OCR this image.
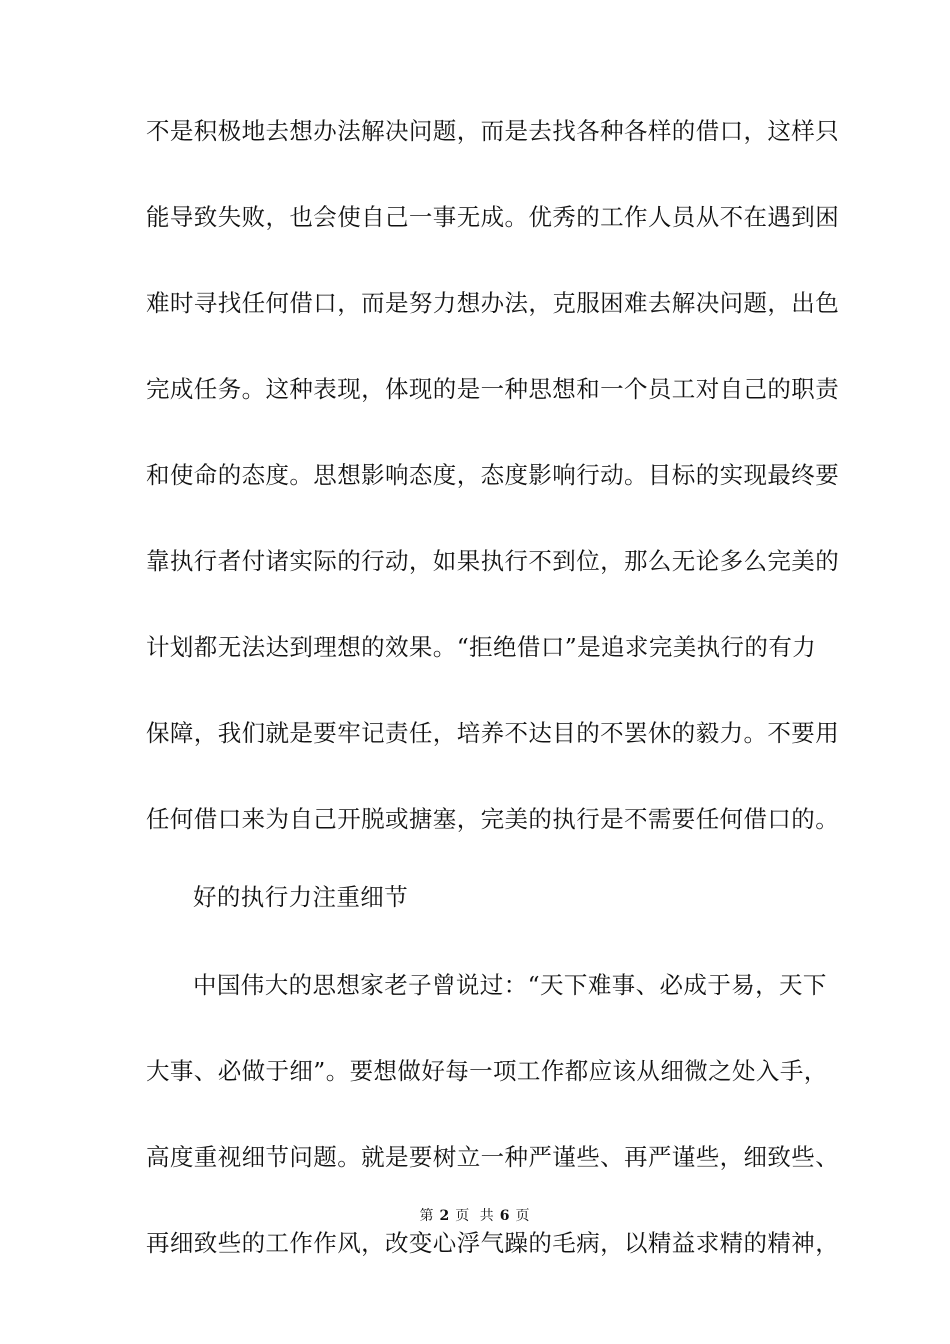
不是积极地去想办法解决问题，而是去找各种各样的借口，这样只
能导致失败，也会使自己一事无成。优秀的工作人员从不在遇到困
难时寻找任何借口，而是努力想办法，克服困难去解决问题，出色
完成任务。这种表现，体现的是一种思想和一个员工对自己的职责
和使命的态度。思想影响态度，态度影响行动。目标的实现最终要
靠执行者付诸实际的行动，如果执行不到位，那么无论多么完美的
计划都无法达到理想的效果。“拒绝借口”是追求完美执行的有力
保障，我们就是要牢记责任，培养不达目的不罢休的毅力。不要用
任何借口来为自己开脱或搪塞，完美的执行是不需要任何借口的。
好的执行力注重细节
中国伟大的思想家老子曾说过：“天下难事、必成于易，天下
大事、必做于细”。要想做好每一项工作都应该从细微之处入手，
高度重视细节问题。就是要树立一种严谨些、再严谨些，细致些、
再细致些的工作作风，改变心浮气躁的毛病，以精益求精的精神，
第 2 页 共 6 页
